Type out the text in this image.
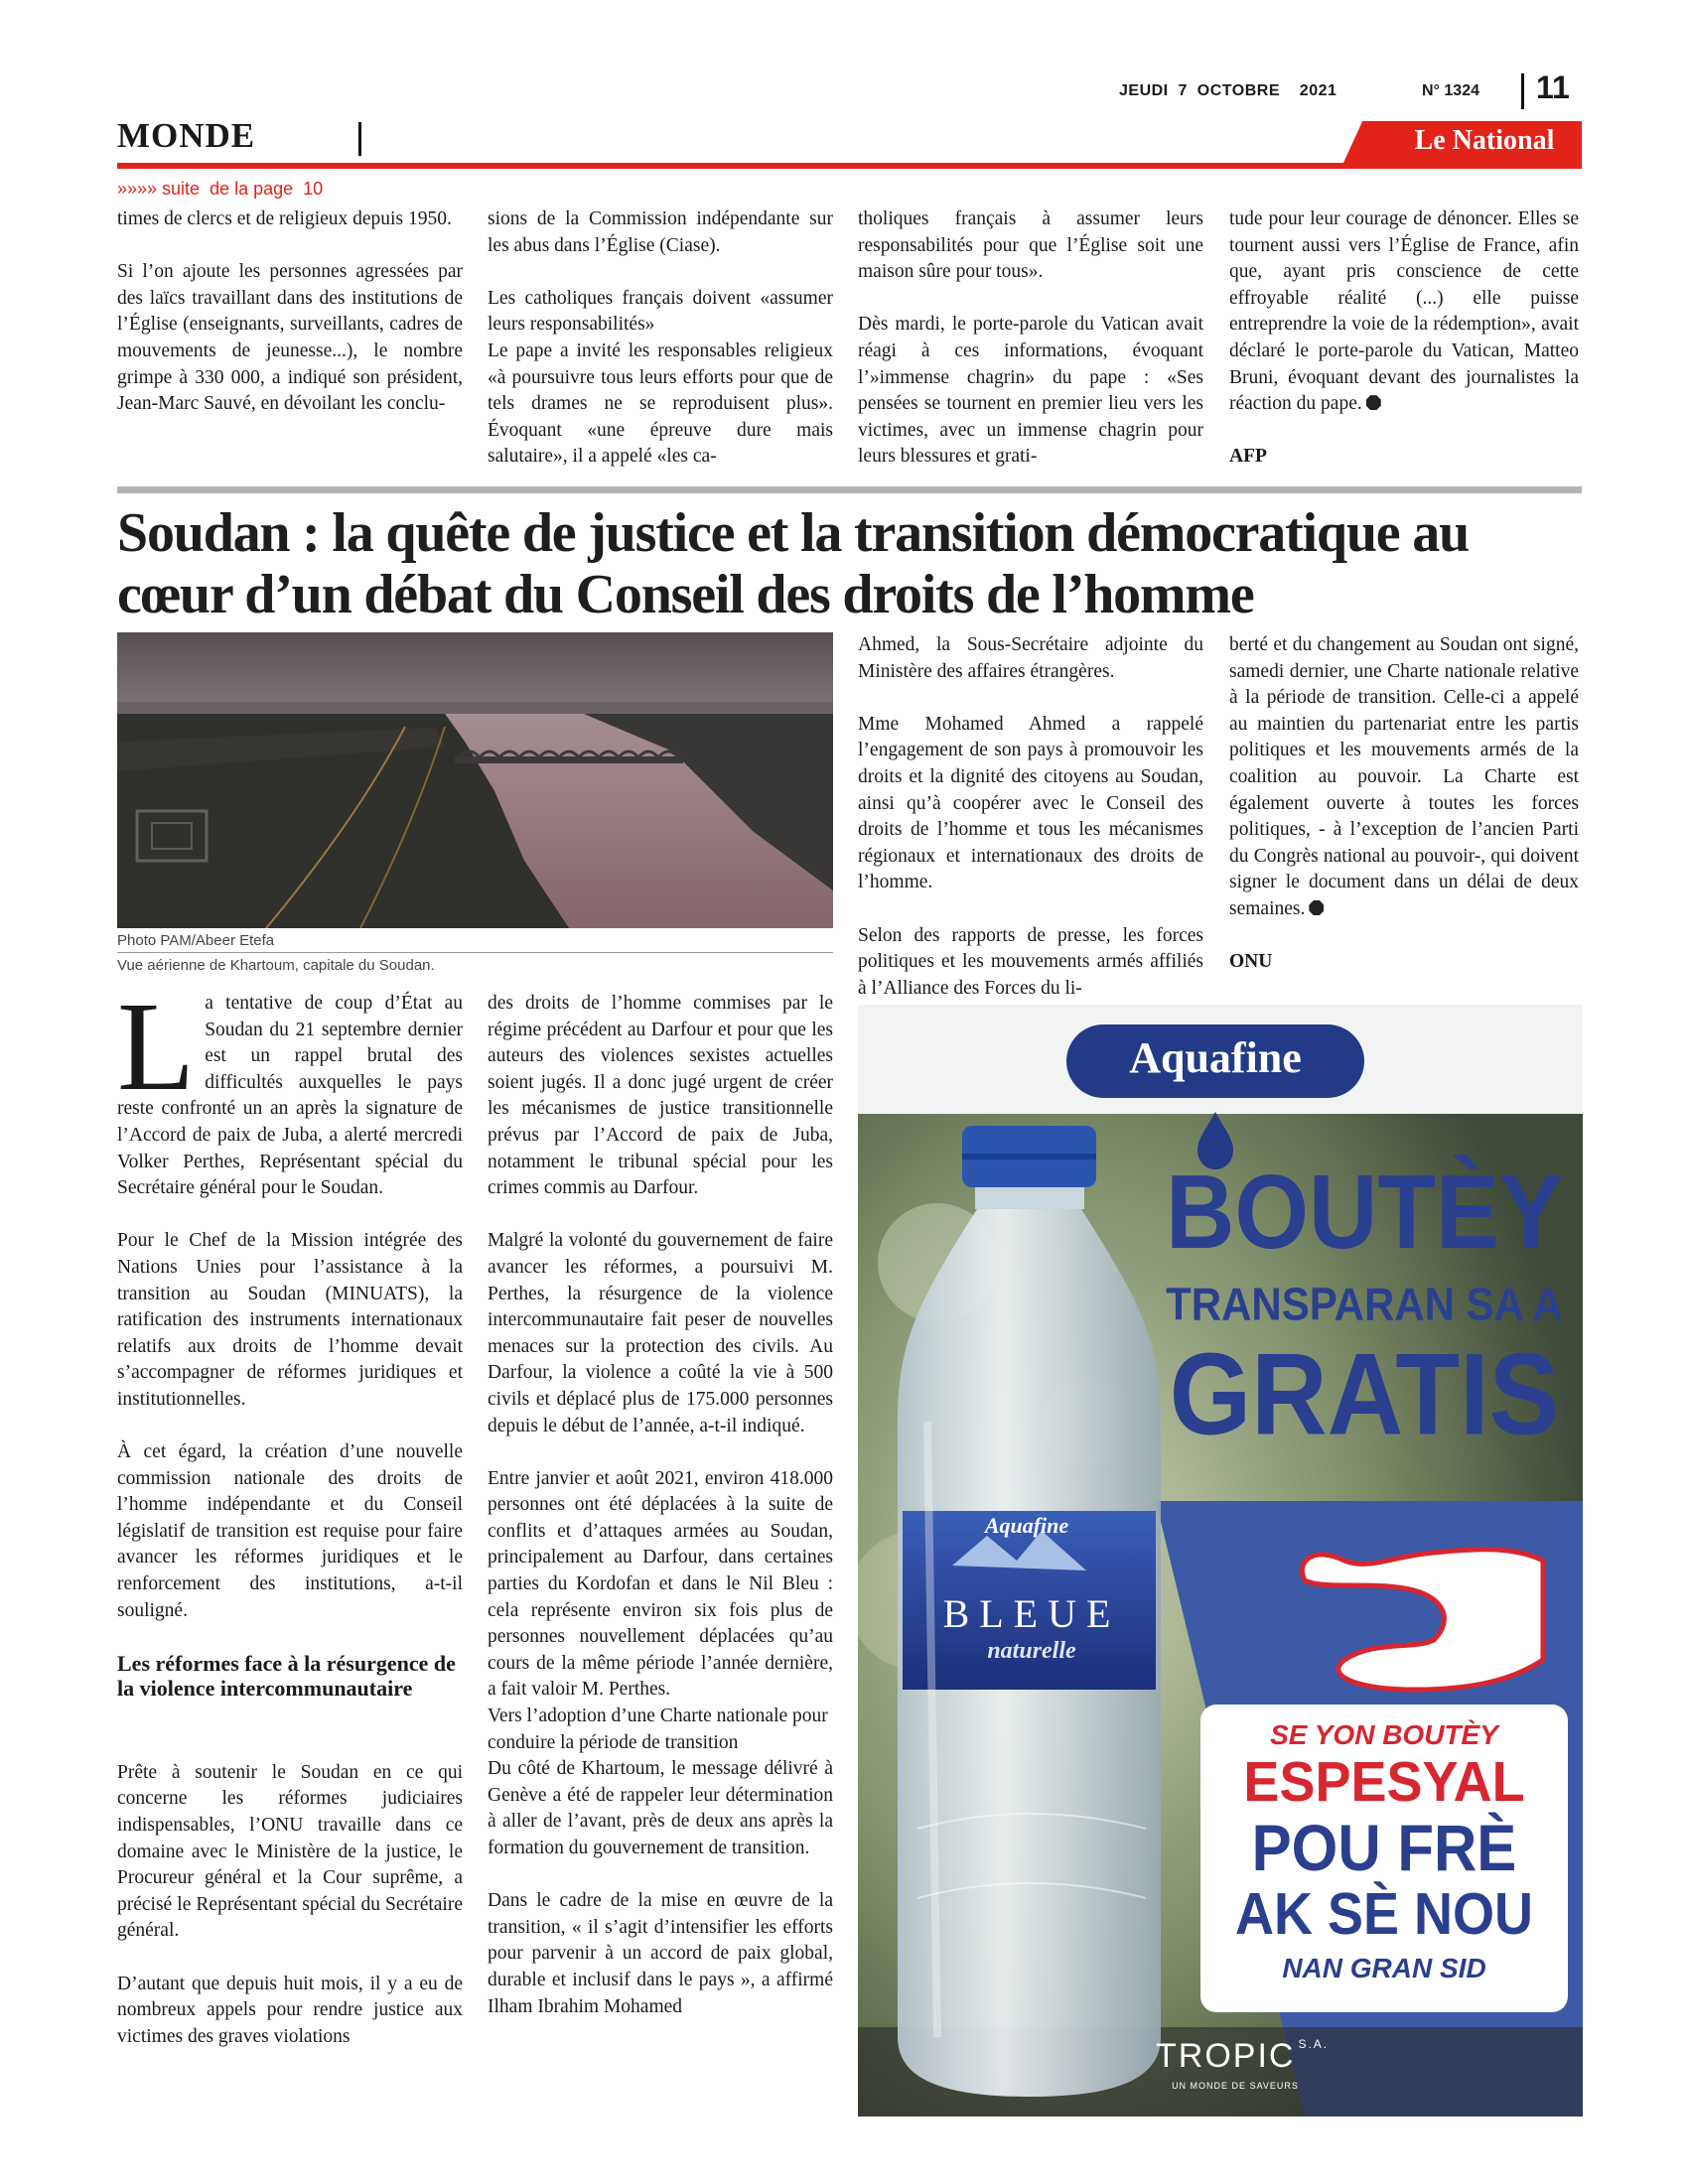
JEUDI  7  OCTOBRE    2021	N° 1324 11
MONDE	Le National
»»»» suite  de la page  10

times de clercs et de religieux depuis 1950.

Si l’on ajoute les personnes agressées par des laïcs travaillant dans des institutions de l’Église (enseignants, surveillants, cadres de mouvements de jeunesse...), le nombre grimpe à 330 000, a indiqué son président, Jean-Marc Sauvé, en dévoilant les conclu-

sions de la Commission indépendante sur les abus dans l’Église (Ciase).

Les catholiques français doivent «assumer leurs responsabilités»

Le pape a invité les responsables religieux «à poursuivre tous leurs efforts pour que de tels drames ne se reproduisent plus». Évoquant «une épreuve dure mais salutaire», il a appelé «les ca-

tholiques français à assumer leurs responsabilités pour que l’Église soit une maison sûre pour tous».

Dès mardi, le porte-parole du Vatican avait réagi à ces informations, évoquant l’»immense chagrin» du pape : «Ses pensées se tournent en premier lieu vers les victimes, avec un immense chagrin pour leurs blessures et grati-

tude pour leur courage de dénoncer. Elles se tournent aussi vers l’Église de France, afin que, ayant pris conscience de cette effroyable réalité (...) elle puisse entreprendre la voie de la rédemption», avait déclaré le porte-parole du Vatican, Matteo Bruni, évoquant devant des journalistes la réaction du pape.

AFP

Soudan : la quête de justice et la transition démocratique au
cœur d’un débat du Conseil des droits de l’homme
Photo PAM/Abeer Etefa
Vue aérienne de Khartoum, capitale du Soudan.

La tentative de coup d’État au Soudan du 21 septembre dernier est un rappel brutal des difficultés auxquelles le pays reste confronté un an après la signature de l’Accord de paix de Juba, a alerté mercredi Volker Perthes, Représentant spécial du Secrétaire général pour le Soudan.

Pour le Chef de la Mission intégrée des Nations Unies pour l’assistance à la transition au Soudan (MINUATS), la ratification des instruments internationaux relatifs aux droits de l’homme devait s’accompagner de réformes juridiques et institutionnelles.

À cet égard, la création d’une nouvelle commission nationale des droits de l’homme indépendante et du Conseil législatif de transition est requise pour faire avancer les réformes juridiques et le renforcement des institutions, a-t-il souligné.

Les réformes face à la résurgence de la violence intercommunautaire

Prête à soutenir le Soudan en ce qui concerne les réformes judiciaires indispensables, l’ONU travaille dans ce domaine avec le Ministère de la justice, le Procureur général et la Cour suprême, a précisé le Représentant spécial du Secrétaire général.

D’autant que depuis huit mois, il y a eu de nombreux appels pour rendre justice aux victimes des graves violations

des droits de l’homme commises par le régime précédent au Darfour et pour que les auteurs des violences sexistes actuelles soient jugés. Il a donc jugé urgent de créer les mécanismes de justice transitionnelle prévus par l’Accord de paix de Juba, notamment le tribunal spécial pour les crimes commis au Darfour.

Malgré la volonté du gouvernement de faire avancer les réformes, a poursuivi M. Perthes, la résurgence de la violence intercommunautaire fait peser de nouvelles menaces sur la protection des civils. Au Darfour, la violence a coûté la vie à 500 civils et déplacé plus de 175.000 personnes depuis le début de l’année, a-t-il indiqué.

Entre janvier et août 2021, environ 418.000 personnes ont été déplacées à la suite de conflits et d’attaques armées au Soudan, principalement au Darfour, dans certaines parties du Kordofan et dans le Nil Bleu : cela représente environ six fois plus de personnes nouvellement déplacées qu’au cours de la même période l’année dernière, a fait valoir M. Perthes.

Vers l’adoption d’une Charte nationale pour conduire la période de transition

Du côté de Khartoum, le message délivré à Genève a été de rappeler leur détermination à aller de l’avant, près de deux ans après la formation du gouvernement de transition.

Dans le cadre de la mise en œuvre de la transition, « il s’agit d’intensifier les efforts pour parvenir à un accord de paix global, durable et inclusif dans le pays », a affirmé Ilham Ibrahim Mohamed

Ahmed, la Sous-Secrétaire adjointe du Ministère des affaires étrangères.

Mme Mohamed Ahmed a rappelé l’engagement de son pays à promouvoir les droits et la dignité des citoyens au Soudan, ainsi qu’à coopérer avec le Conseil des droits de l’homme et tous les mécanismes régionaux et internationaux des droits de l’homme.

Selon des rapports de presse, les forces politiques et les mouvements armés affiliés à l’Alliance des Forces du li-

berté et du changement au Soudan ont signé, samedi dernier, une Charte nationale relative à la période de transition. Celle-ci a appelé au maintien du partenariat entre les partis politiques et les mouvements armés de la coalition au pouvoir. La Charte est également ouverte à toutes les forces politiques, - à l’exception de l’ancien Parti du Congrès national au pouvoir-, qui doivent signer le document dans un délai de deux semaines.

ONU

Aquafine
BOUTÈY
TRANSPARAN SA A
GRATIS
Aquafine
BLEUE
naturelle
SE YON BOUTÈY
ESPESYAL
POU FRÈ
AK SÈ NOU
NAN GRAN SID
TROPIC $^{S.A.}$
UN MONDE DE SAVEURS
